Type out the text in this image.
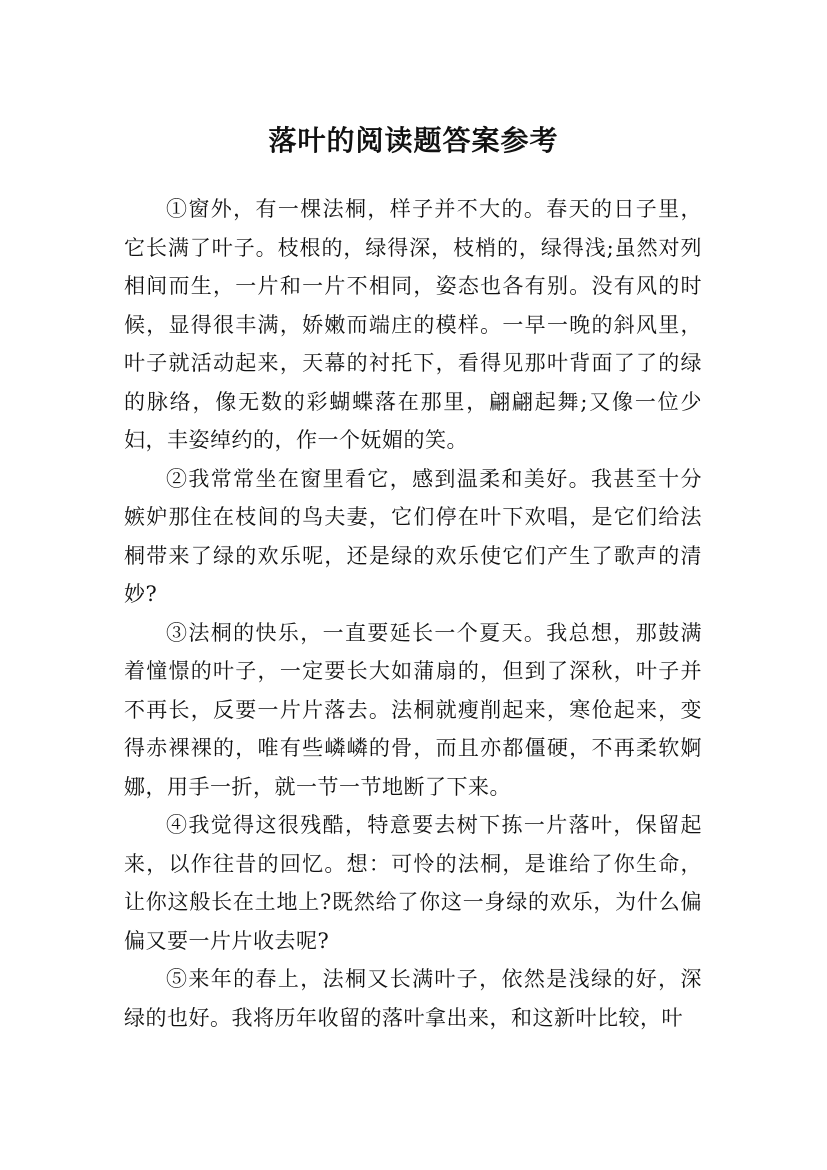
落叶的阅读题答案参考

①窗外，有一棵法桐，样子并不大的。春天的日子里，它长满了叶子。枝根的，绿得深，枝梢的，绿得浅;虽然对列相间而生，一片和一片不相同，姿态也各有别。没有风的时候，显得很丰满，娇嫩而端庄的模样。一早一晚的斜风里，叶子就活动起来，天幕的衬托下，看得见那叶背面了了的绿的脉络，像无数的彩蝴蝶落在那里，翩翩起舞;又像一位少妇，丰姿绰约的，作一个妩媚的笑。

②我常常坐在窗里看它，感到温柔和美好。我甚至十分嫉妒那住在枝间的鸟夫妻，它们停在叶下欢唱，是它们给法桐带来了绿的欢乐呢，还是绿的欢乐使它们产生了歌声的清妙?

③法桐的快乐，一直要延长一个夏天。我总想，那鼓满着憧憬的叶子，一定要长大如蒲扇的，但到了深秋，叶子并不再长，反要一片片落去。法桐就瘦削起来，寒伧起来，变得赤裸裸的，唯有些嶙嶙的骨，而且亦都僵硬，不再柔软婀娜，用手一折，就一节一节地断了下来。

④我觉得这很残酷，特意要去树下拣一片落叶，保留起来，以作往昔的回忆。想：可怜的法桐，是谁给了你生命，让你这般长在土地上?既然给了你这一身绿的欢乐，为什么偏偏又要一片片收去呢?

⑤来年的春上，法桐又长满叶子，依然是浅绿的好，深绿的也好。我将历年收留的落叶拿出来，和这新叶比较，叶
